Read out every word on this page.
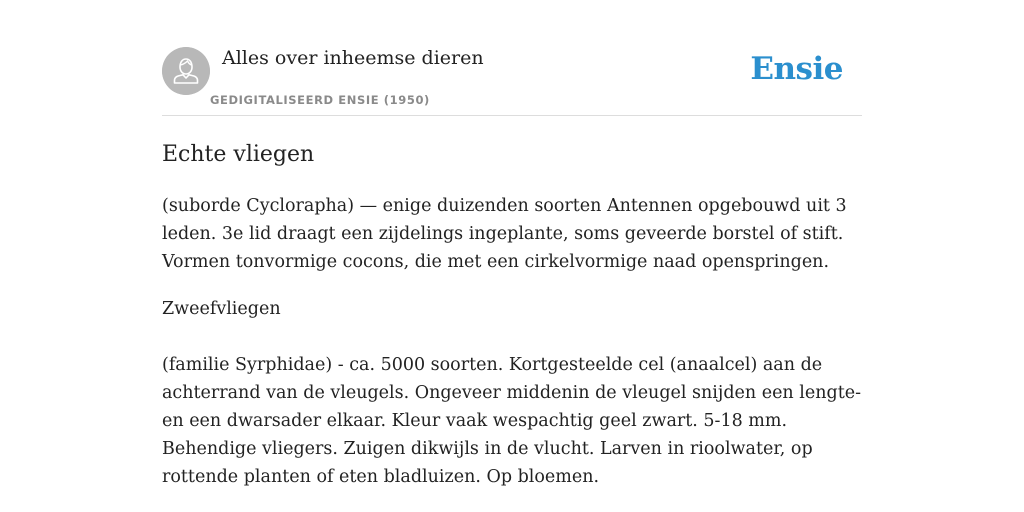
Alles over inheemse dieren
GEDIGITALISEERD ENSIE (1950)
Ensie
Echte vliegen

(suborde Cyclorapha) — enige duizenden soorten Antennen opgebouwd uit 3 leden. 3e lid draagt een zijdelings ingeplante, soms geveerde borstel of stift. Vormen tonvormige cocons, die met een cirkelvormige naad openspringen.

Zweefvliegen

(familie Syrphidae) - ca. 5000 soorten. Kortgesteelde cel (anaalcel) aan de achterrand van de vleugels. Ongeveer middenin de vleugel snijden een lengte- en een dwarsader elkaar. Kleur vaak wespachtig geel zwart. 5-18 mm. Behendige vliegers. Zuigen dikwijls in de vlucht. Larven in rioolwater, op rottende planten of eten bladluizen. Op bloemen.
